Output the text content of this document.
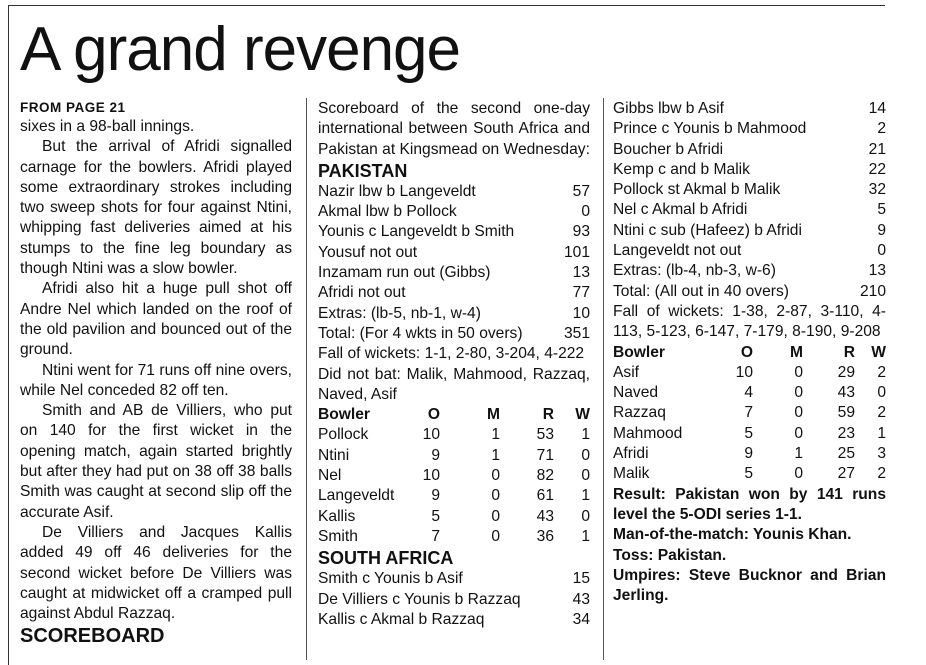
A grand revenge
FROM PAGE 21

sixes in a 98-ball innings.

But the arrival of Afridi signalled carnage for the bowlers. Afridi played some extraordinary strokes including two sweep shots for four against Ntini, whipping fast deliveries aimed at his stumps to the fine leg boundary as though Ntini was a slow bowler.

Afridi also hit a huge pull shot off Andre Nel which landed on the roof of the old pavilion and bounced out of the ground.

Ntini went for 71 runs off nine overs, while Nel conceded 82 off ten.

Smith and AB de Villiers, who put on 140 for the first wicket in the opening match, again started brightly but after they had put on 38 off 38 balls Smith was caught at second slip off the accurate Asif.

De Villiers and Jacques Kallis added 49 off 46 deliveries for the second wicket before De Villiers was caught at midwicket off a cramped pull against Abdul Razzaq.

SCOREBOARD
Scoreboard of the second one-day international between South Africa and Pakistan at Kingsmead on Wednesday:
PAKISTAN
Nazir lbw b Langeveldt	57
Akmal lbw b Pollock	0
Younis c Langeveldt b Smith	93
Yousuf not out	101
Inzamam run out (Gibbs)	13
Afridi not out	77
Extras: (lb-5, nb-1, w-4)	10
Total: (For 4 wkts in 50 overs)	351
Fall of wickets: 1-1, 2-80, 3-204, 4-222
Did not bat: Malik, Mahmood, Razzaq, Naved, Asif
Bowler	O	M	R	W
Pollock	10	1	53	1
Ntini	9	1	71	0
Nel	10	0	82	0
Langeveldt	9	0	61	1
Kallis	5	0	43	0
Smith	7	0	36	1
SOUTH AFRICA
Smith c Younis b Asif	15
De Villiers c Younis b Razzaq	43
Kallis c Akmal b Razzaq	34
Gibbs lbw b Asif	14
Prince c Younis b Mahmood	2
Boucher b Afridi	21
Kemp c and b Malik	22
Pollock st Akmal b Malik	32
Nel c Akmal b Afridi	5
Ntini c sub (Hafeez) b Afridi	9
Langeveldt not out	0
Extras: (lb-4, nb-3, w-6)	13
Total: (All out in 40 overs)	210
Fall of wickets: 1-38, 2-87, 3-110, 4-113, 5-123, 6-147, 7-179, 8-190, 9-208
Bowler	O	M	R	W
Asif	10	0	29	2
Naved	4	0	43	0
Razzaq	7	0	59	2
Mahmood	5	0	23	1
Afridi	9	1	25	3
Malik	5	0	27	2
Result: Pakistan won by 141 runs level the 5-ODI series 1-1.
Man-of-the-match: Younis Khan.
Toss: Pakistan.
Umpires: Steve Bucknor and Brian Jerling.
